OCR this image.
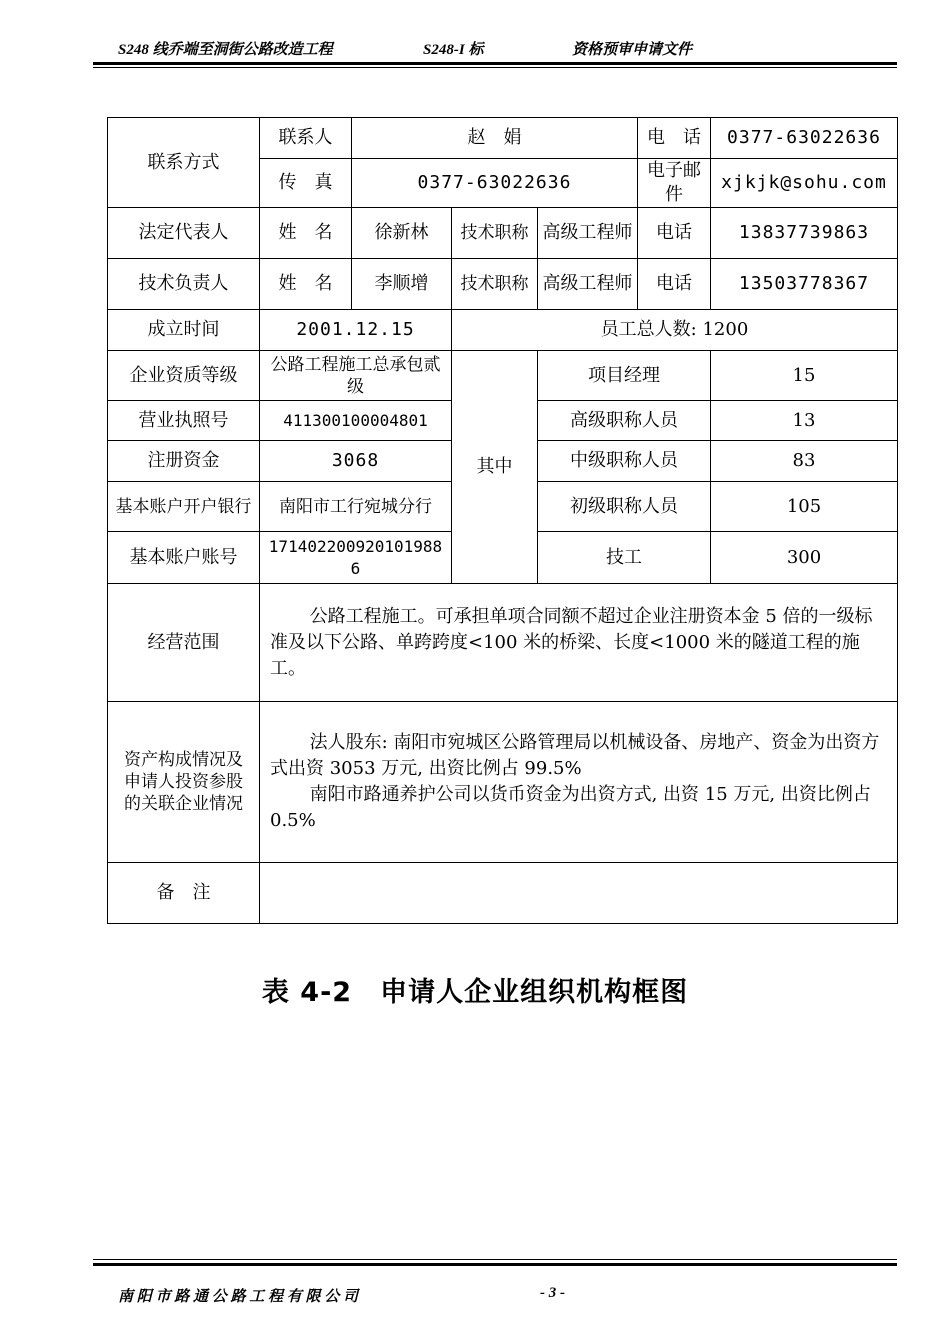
S248 线乔端至洞街公路改造工程	S248-I 标	资格预审申请文件
联系方式	联系人	赵　娟			电　话	0377-63022636
	传　真	0377-63022636			电子邮件	xjkjk@sohu.com
法定代表人	姓　名	徐新林	技术职称	高级工程师	电话	13837739863
技术负责人	姓　名	李顺增	技术职称	高级工程师	电话	13503778367
成立时间	2001.12.15		员工总人数: 1200			
企业资质等级	公路工程施工总承包贰级		其中	项目经理		15
营业执照号	411300100004801			高级职称人员		13
注册资金	3068			中级职称人员		83
基本账户开户银行	南阳市工行宛城分行			初级职称人员		105
基本账户账号	1714022009201019886			技工		300
经营范围	公路工程施工。可承担单项合同额不超过企业注册资本金 5 倍的一级标准及以下公路、单跨跨度<100 米的桥梁、长度<1000 米的隧道工程的施工。					

资产构成情况及申请人投资参股的关联企业情况	法人股东: 南阳市宛城区公路管理局以机械设备、房地产、资金为出资方式出资 3053 万元, 出资比例占 99.5%
南阳市路通养护公司以货币资金为出资方式, 出资 15 万元, 出资比例占 0.5%					

备　注						
表 4-2　申请人企业组织机构框图
南 阳 市 路 通 公 路 工 程 有 限 公 司	- 3 -
